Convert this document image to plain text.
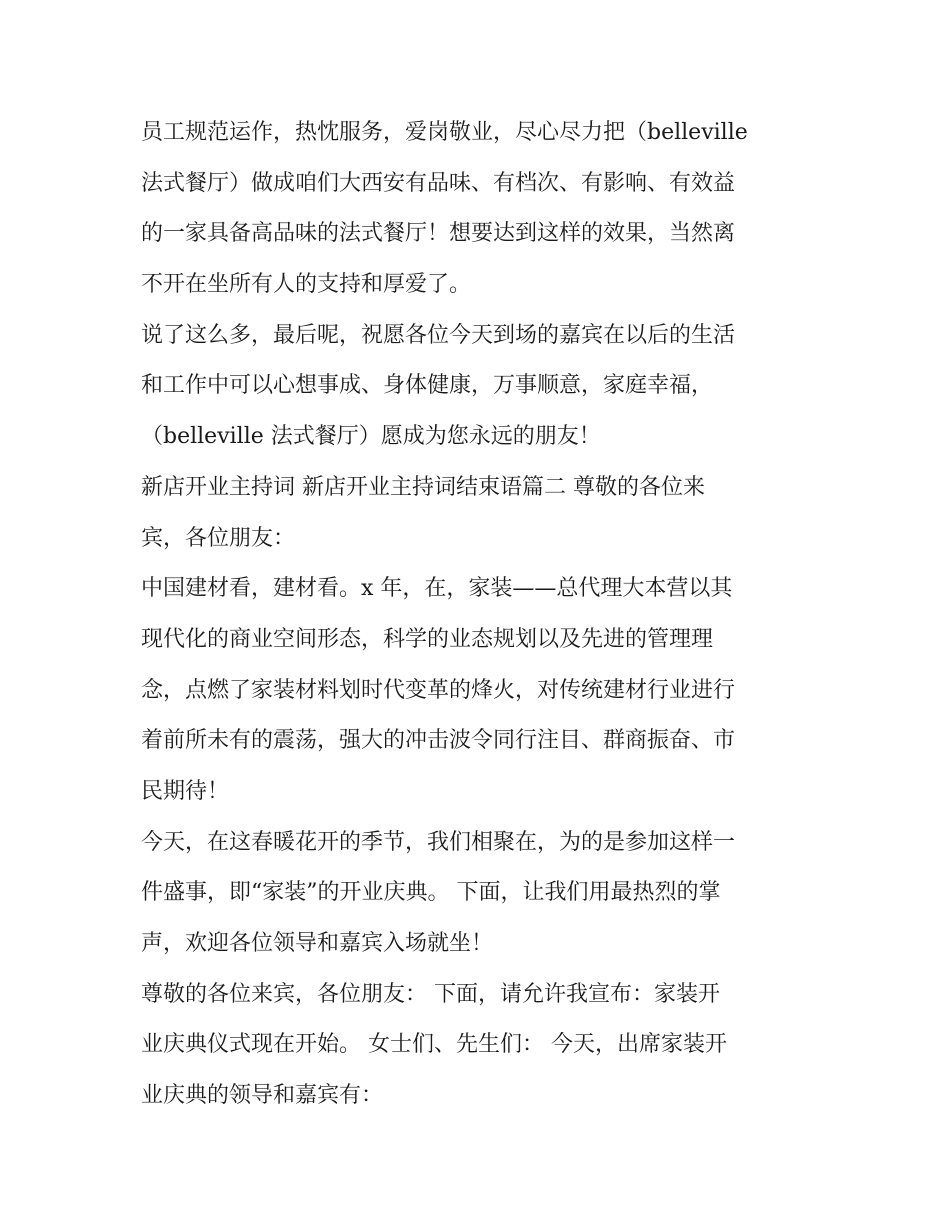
员工规范运作，热忱服务，爱岗敬业，尽心尽力把（belleville
法式餐厅）做成咱们大西安有品味、有档次、有影响、有效益
的一家具备高品味的法式餐厅！想要达到这样的效果，当然离
不开在坐所有人的支持和厚爱了。
说了这么多，最后呢，祝愿各位今天到场的嘉宾在以后的生活
和工作中可以心想事成、身体健康，万事顺意，家庭幸福，
（belleville 法式餐厅）愿成为您永远的朋友！
新店开业主持词 新店开业主持词结束语篇二 尊敬的各位来
宾，各位朋友：
中国建材看，建材看。x 年，在，家装——总代理大本营以其
现代化的商业空间形态，科学的业态规划以及先进的管理理
念，点燃了家装材料划时代变革的烽火，对传统建材行业进行
着前所未有的震荡，强大的冲击波令同行注目、群商振奋、市
民期待！
今天，在这春暖花开的季节，我们相聚在，为的是参加这样一
件盛事，即“家装”的开业庆典。 下面，让我们用最热烈的掌
声，欢迎各位领导和嘉宾入场就坐！
尊敬的各位来宾，各位朋友： 下面，请允许我宣布：家装开
业庆典仪式现在开始。 女士们、先生们： 今天，出席家装开
业庆典的领导和嘉宾有：
